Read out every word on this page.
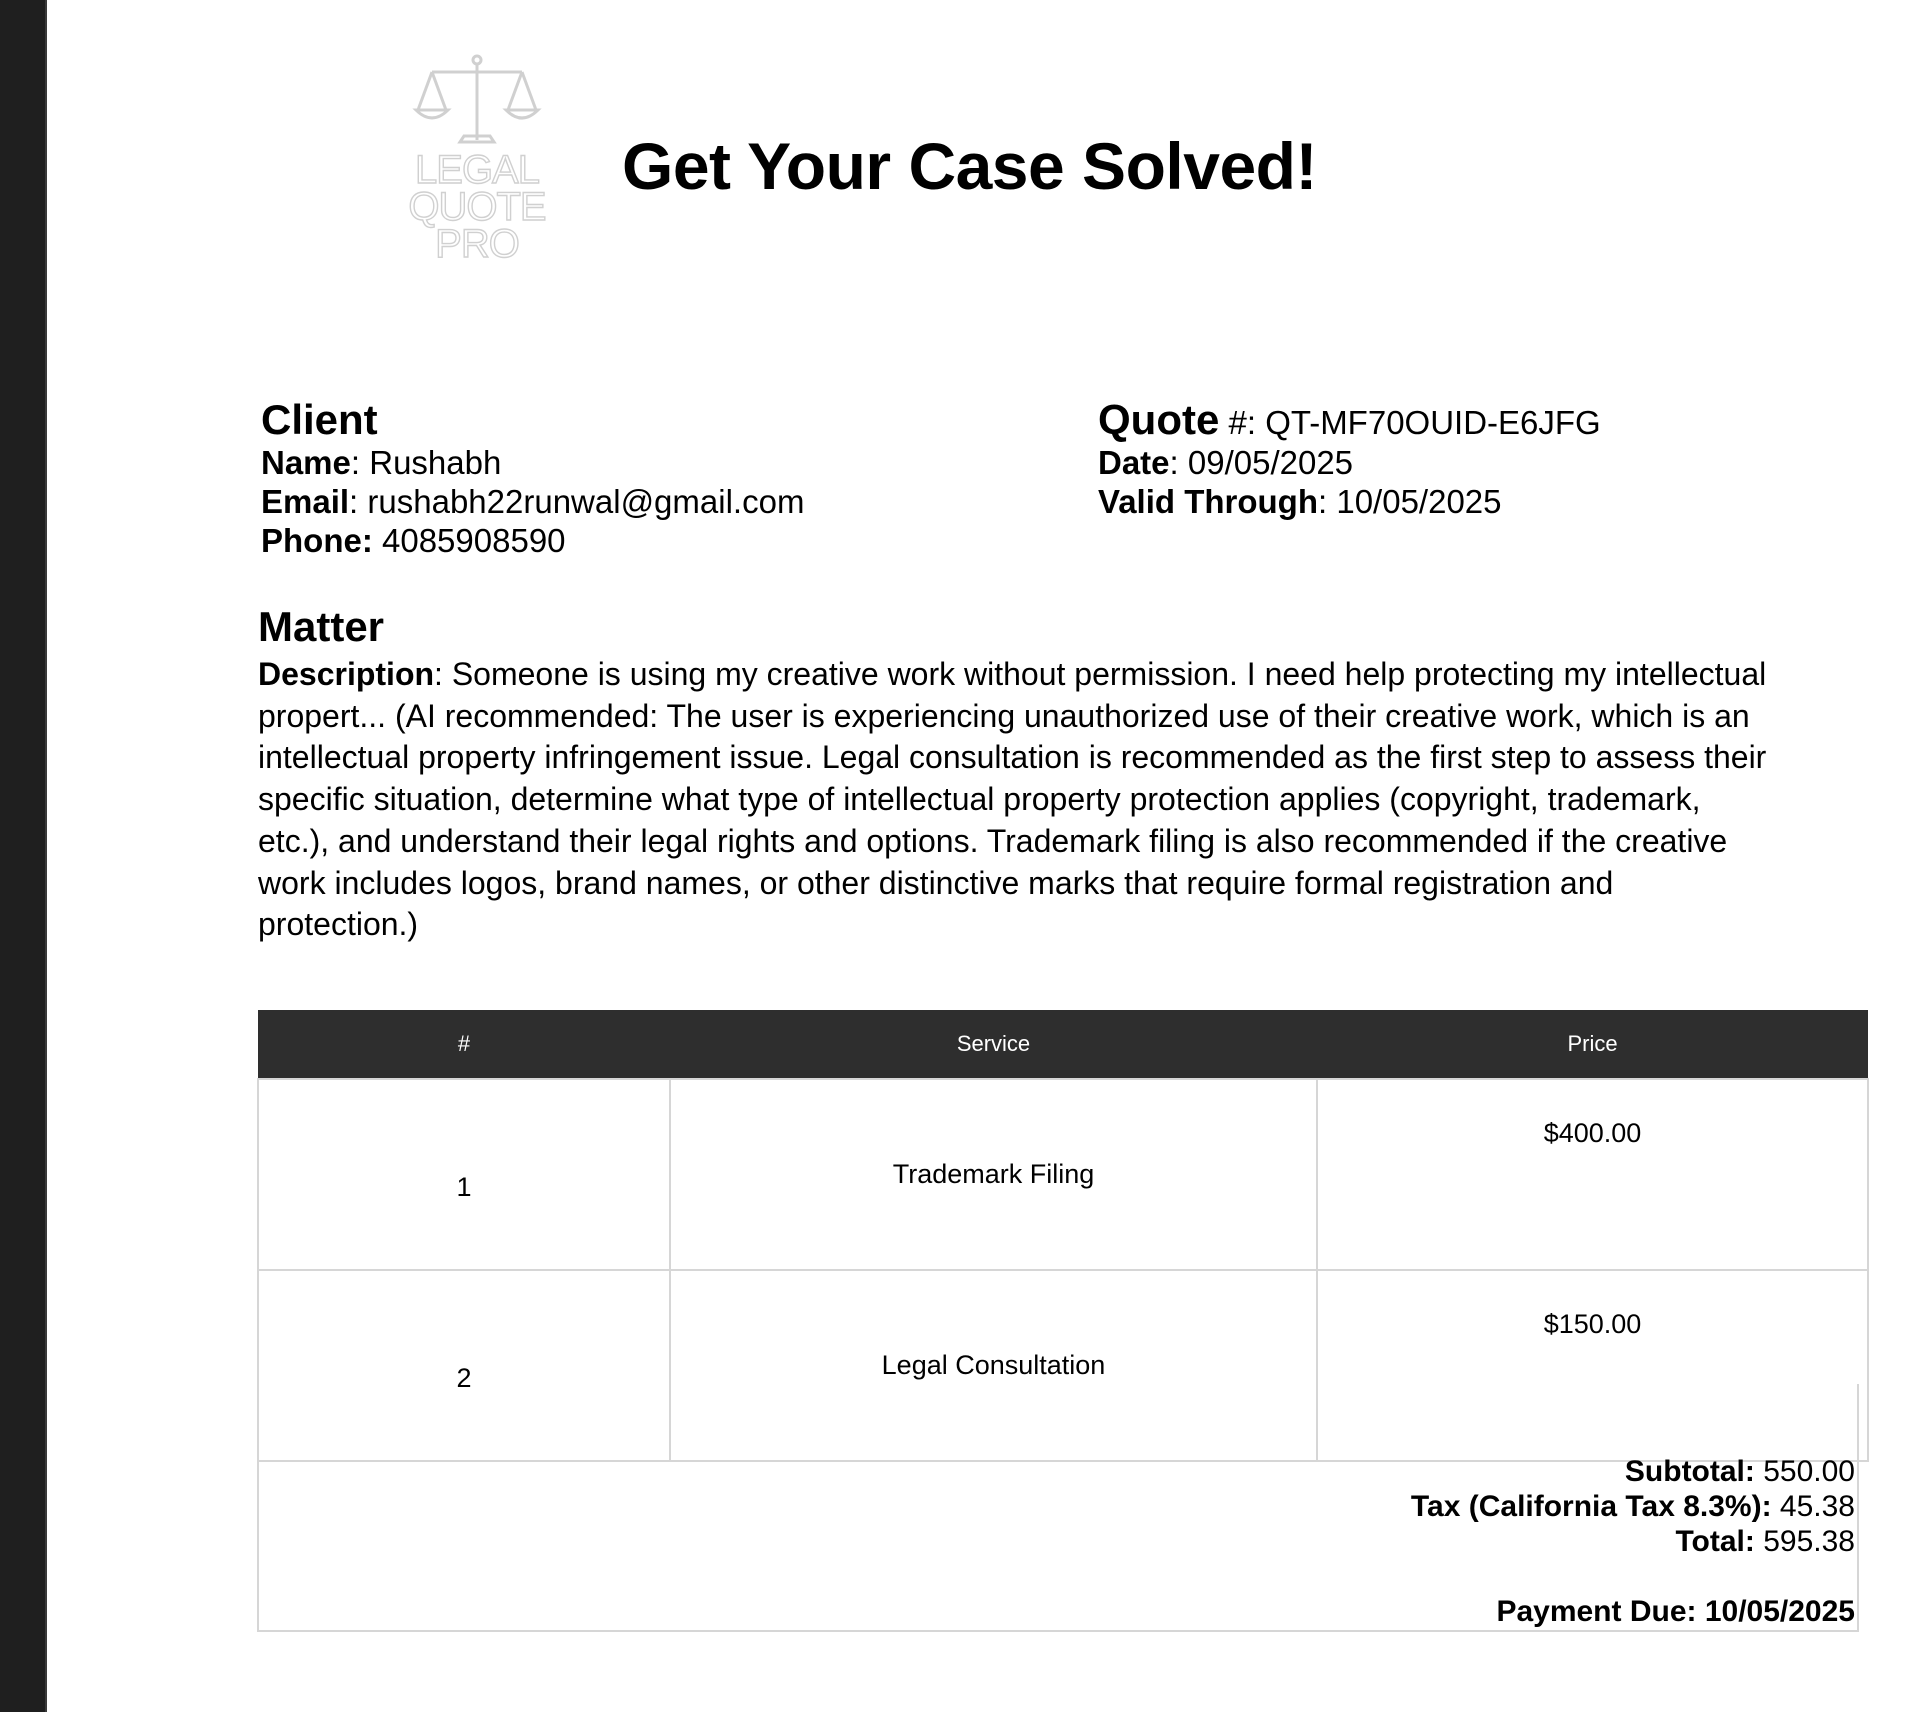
LEGAL
QUOTE
PRO
Get Your Case Solved!
Client
Name: Rushabh
Email: rushabh22runwal@gmail.com
Phone: 4085908590
Quote #: QT-MF70OUID-E6JFG
Date: 09/05/2025
Valid Through: 10/05/2025
Matter
Description: Someone is using my creative work without permission. I need help protecting my intellectual propert... (AI recommended: The user is experiencing unauthorized use of their creative work, which is an intellectual property infringement issue. Legal consultation is recommended as the first step to assess their specific situation, determine what type of intellectual property protection applies (copyright, trademark, etc.), and understand their legal rights and options. Trademark filing is also recommended if the creative work includes logos, brand names, or other distinctive marks that require formal registration and protection.)
#	Service	Price
1	Trademark Filing	$400.00
2	Legal Consultation	$150.00
Subtotal: 550.00
Tax (California Tax 8.3%): 45.38
Total: 595.38
Payment Due: 10/05/2025
